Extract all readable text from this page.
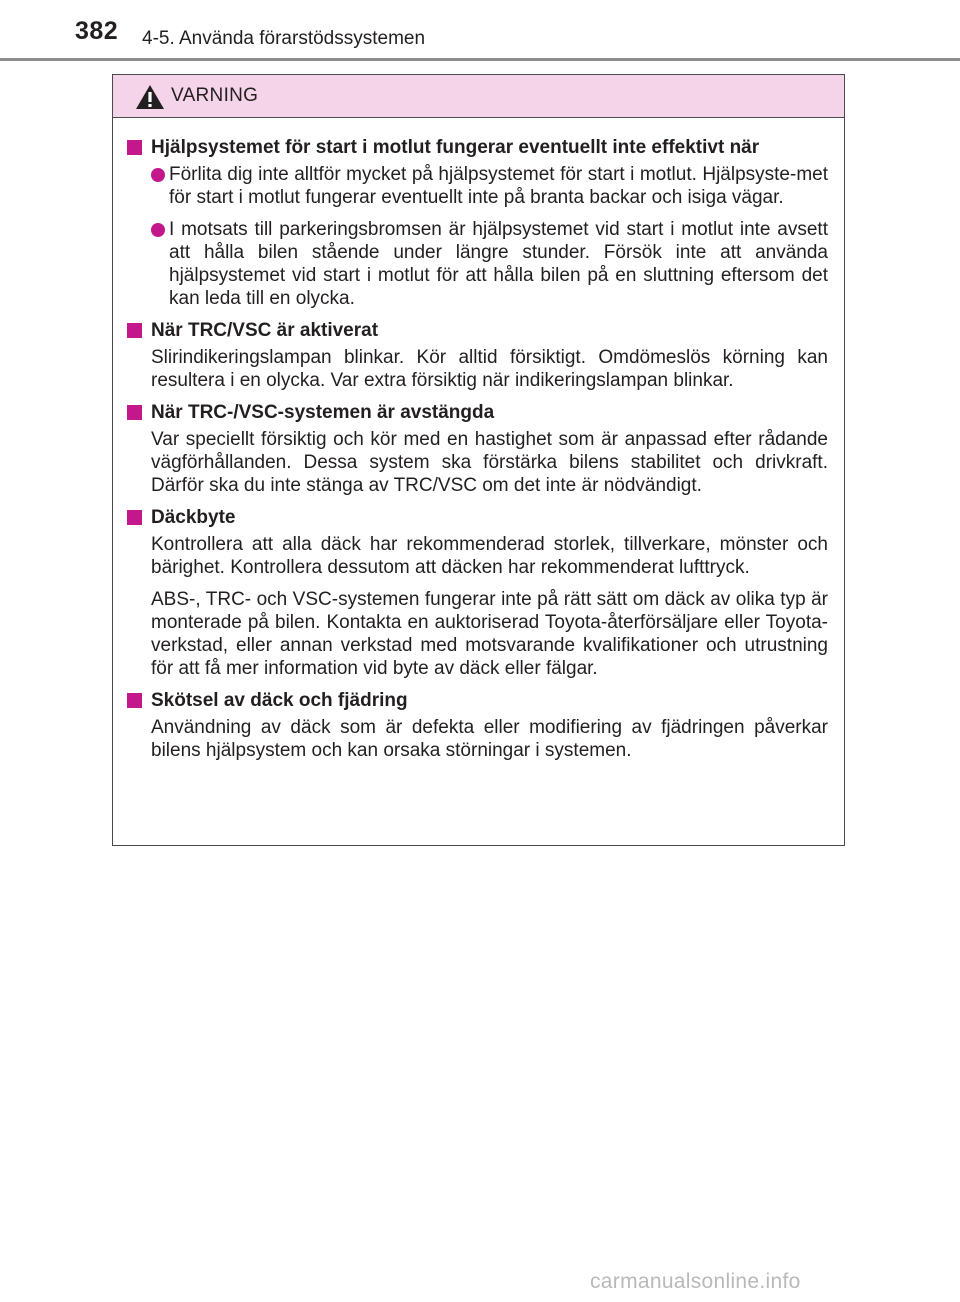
382 4-5. Använda förarstödssystemen
VARNING
Hjälpsystemet för start i motlut fungerar eventuellt inte effektivt när
Förlita dig inte alltför mycket på hjälpsystemet för start i motlut. Hjälpsyste-met för start i motlut fungerar eventuellt inte på branta backar och isiga vägar.
I motsats till parkeringsbromsen är hjälpsystemet vid start i motlut inte avsett att hålla bilen stående under längre stunder. Försök inte att använda hjälpsystemet vid start i motlut för att hålla bilen på en sluttning eftersom det kan leda till en olycka.
När TRC/VSC är aktiverat
Slirindikeringslampan blinkar. Kör alltid försiktigt. Omdömeslös körning kan resultera i en olycka. Var extra försiktig när indikeringslampan blinkar.
När TRC-/VSC-systemen är avstängda
Var speciellt försiktig och kör med en hastighet som är anpassad efter rådande vägförhållanden. Dessa system ska förstärka bilens stabilitet och drivkraft. Därför ska du inte stänga av TRC/VSC om det inte är nödvändigt.
Däckbyte
Kontrollera att alla däck har rekommenderad storlek, tillverkare, mönster och bärighet. Kontrollera dessutom att däcken har rekommenderat lufttryck.
ABS-, TRC- och VSC-systemen fungerar inte på rätt sätt om däck av olika typ är monterade på bilen. Kontakta en auktoriserad Toyota-återförsäljare eller Toyota-verkstad, eller annan verkstad med motsvarande kvalifikationer och utrustning för att få mer information vid byte av däck eller fälgar.
Skötsel av däck och fjädring
Användning av däck som är defekta eller modifiering av fjädringen påverkar bilens hjälpsystem och kan orsaka störningar i systemen.
carmanualsonline.info
